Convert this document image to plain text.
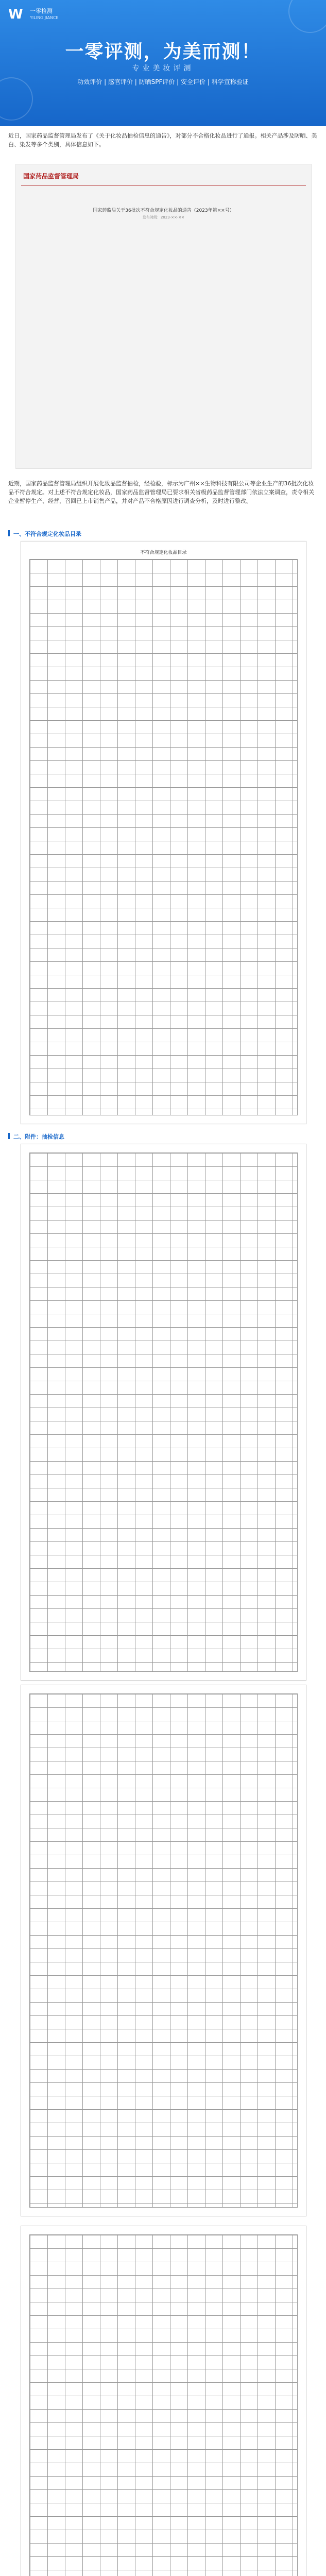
W	一零检测
YILING JIANCE
一零评测，为美而测！
专业美妆评测
功效评价 | 感官评价 | 防晒SPF评价 | 安全评价 | 科学宣称验证
近日，国家药品监督管理局发布了《关于化妆品抽检信息的通告》，对部分不合格化妆品进行了通报。相关产品涉及防晒、美白、染发等多个类别，具体信息如下。
国家药品监督管理局
国家药监局关于36批次不符合规定化妆品的通告（2023年第××号）
发布时间：2023-××-××
近期，国家药品监督管理局组织开展化妆品监督抽检，经检验，标示为广州××生物科技有限公司等企业生产的36批次化妆品不符合规定。对上述不符合规定化妆品，国家药品监督管理局已要求相关省级药品监督管理部门依法立案调查，责令相关企业暂停生产、经营，召回已上市销售产品，并对产品不合格原因进行调查分析，及时进行整改。
一、不符合规定化妆品目录
不符合规定化妆品目录
二、附件：抽检信息
